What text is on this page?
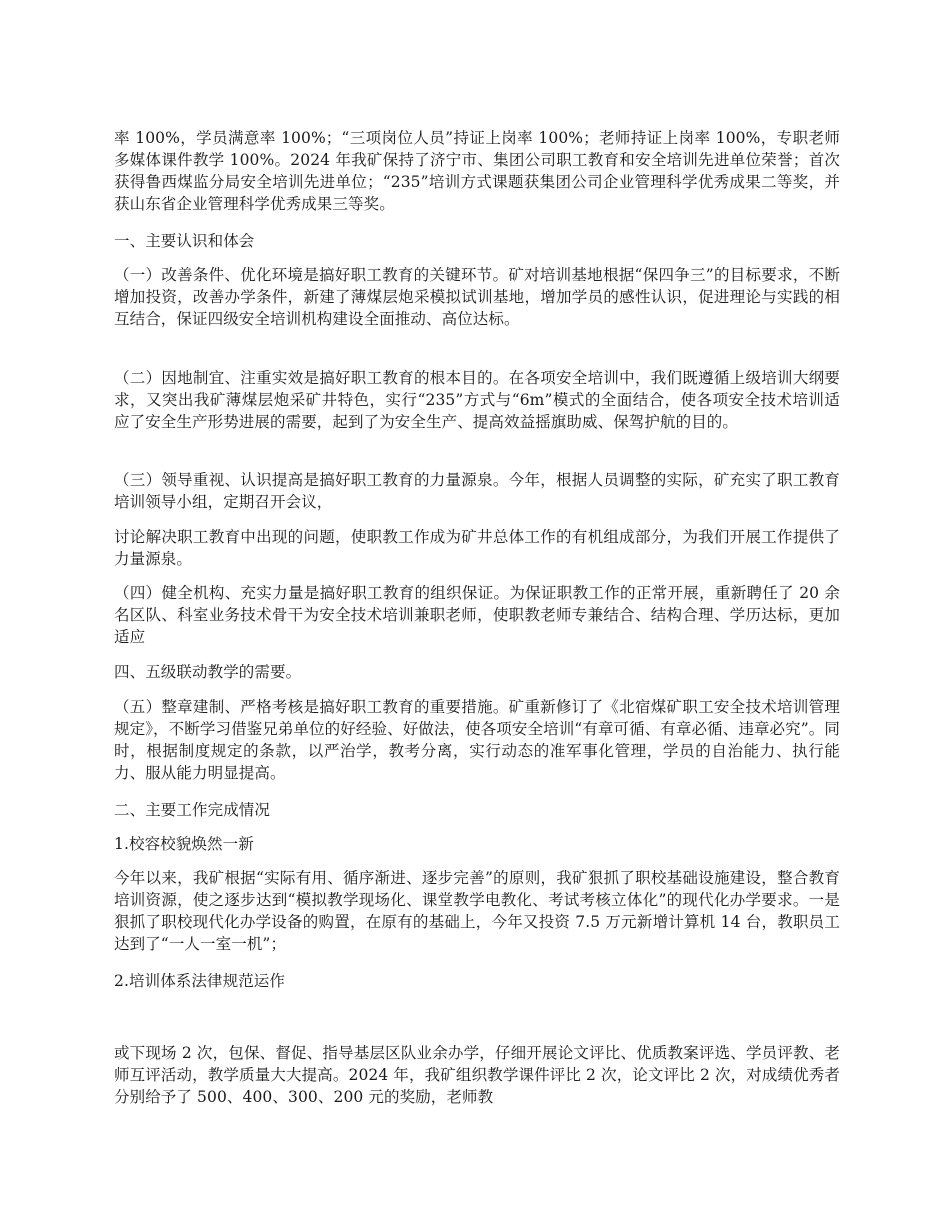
率 100%，学员满意率 100%；“三项岗位人员”持证上岗率 100%；老师持证上岗率 100%，专职老师多媒体课件教学 100%。2024 年我矿保持了济宁市、集团公司职工教育和安全培训先进单位荣誉；首次获得鲁西煤监分局安全培训先进单位；“235”培训方式课题获集团公司企业管理科学优秀成果二等奖，并获山东省企业管理科学优秀成果三等奖。

一、主要认识和体会

（一）改善条件、优化环境是搞好职工教育的关键环节。矿对培训基地根据“保四争三”的目标要求，不断增加投资，改善办学条件，新建了薄煤层炮采模拟试训基地，增加学员的感性认识，促进理论与实践的相互结合，保证四级安全培训机构建设全面推动、高位达标。

（二）因地制宜、注重实效是搞好职工教育的根本目的。在各项安全培训中，我们既遵循上级培训大纲要求，又突出我矿薄煤层炮采矿井特色，实行“235”方式与“6m”模式的全面结合，使各项安全技术培训适应了安全生产形势进展的需要，起到了为安全生产、提高效益摇旗助威、保驾护航的目的。

（三）领导重视、认识提高是搞好职工教育的力量源泉。今年，根据人员调整的实际，矿充实了职工教育培训领导小组，定期召开会议，

讨论解决职工教育中出现的问题，使职教工作成为矿井总体工作的有机组成部分，为我们开展工作提供了力量源泉。

（四）健全机构、充实力量是搞好职工教育的组织保证。为保证职教工作的正常开展，重新聘任了 20 余名区队、科室业务技术骨干为安全技术培训兼职老师，使职教老师专兼结合、结构合理、学历达标，更加适应

四、五级联动教学的需要。

（五）整章建制、严格考核是搞好职工教育的重要措施。矿重新修订了《北宿煤矿职工安全技术培训管理规定》，不断学习借鉴兄弟单位的好经验、好做法，使各项安全培训“有章可循、有章必循、违章必究”。同时，根据制度规定的条款，以严治学，教考分离，实行动态的准军事化管理，学员的自治能力、执行能力、服从能力明显提高。

二、主要工作完成情况

1.校容校貌焕然一新

今年以来，我矿根据“实际有用、循序渐进、逐步完善”的原则，我矿狠抓了职校基础设施建设，整合教育培训资源，使之逐步达到“模拟教学现场化、课堂教学电教化、考试考核立体化”的现代化办学要求。一是狠抓了职校现代化办学设备的购置，在原有的基础上，今年又投资 7.5 万元新增计算机 14 台，教职员工达到了“一人一室一机”；

2.培训体系法律规范运作

或下现场 2 次，包保、督促、指导基层区队业余办学，仔细开展论文评比、优质教案评选、学员评教、老师互评活动，教学质量大大提高。2024 年，我矿组织教学课件评比 2 次，论文评比 2 次，对成绩优秀者分别给予了 500、400、300、200 元的奖励，老师教
